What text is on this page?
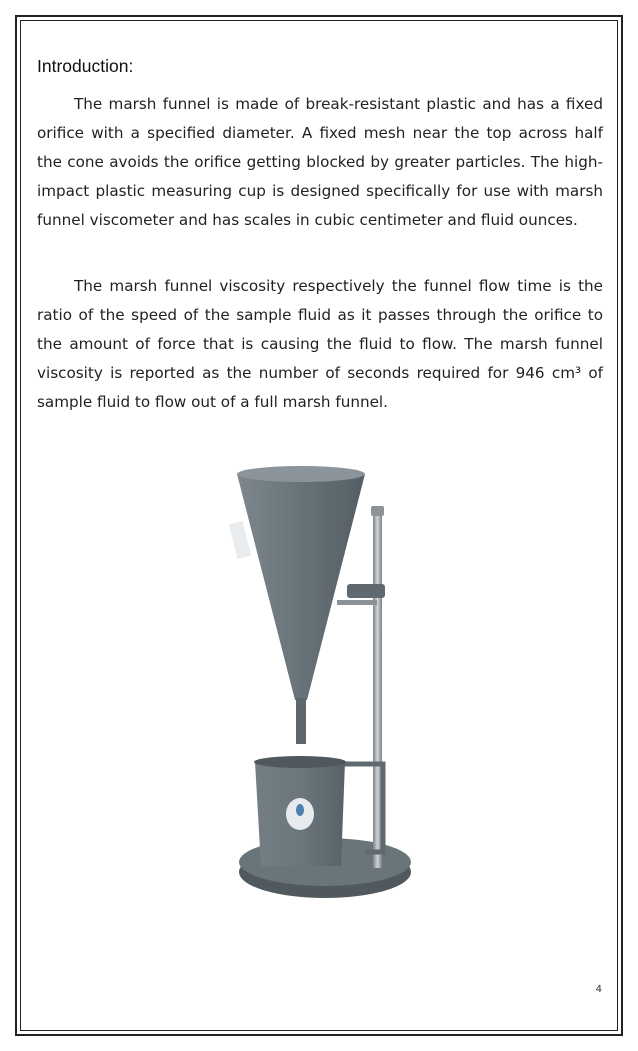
Introduction:

The marsh funnel is made of break-resistant plastic and has a fixed orifice with a specified diameter. A fixed mesh near the top across half the cone avoids the orifice getting blocked by greater particles. The high-impact plastic measuring cup is designed specifically for use with marsh funnel viscometer and has scales in cubic centimeter and fluid ounces.

The marsh funnel viscosity respectively the funnel flow time is the ratio of the speed of the sample fluid as it passes through the orifice to the amount of force that is causing the fluid to flow. The marsh funnel viscosity is reported as the number of seconds required for 946 cm³ of sample fluid to flow out of a full marsh funnel.

4
